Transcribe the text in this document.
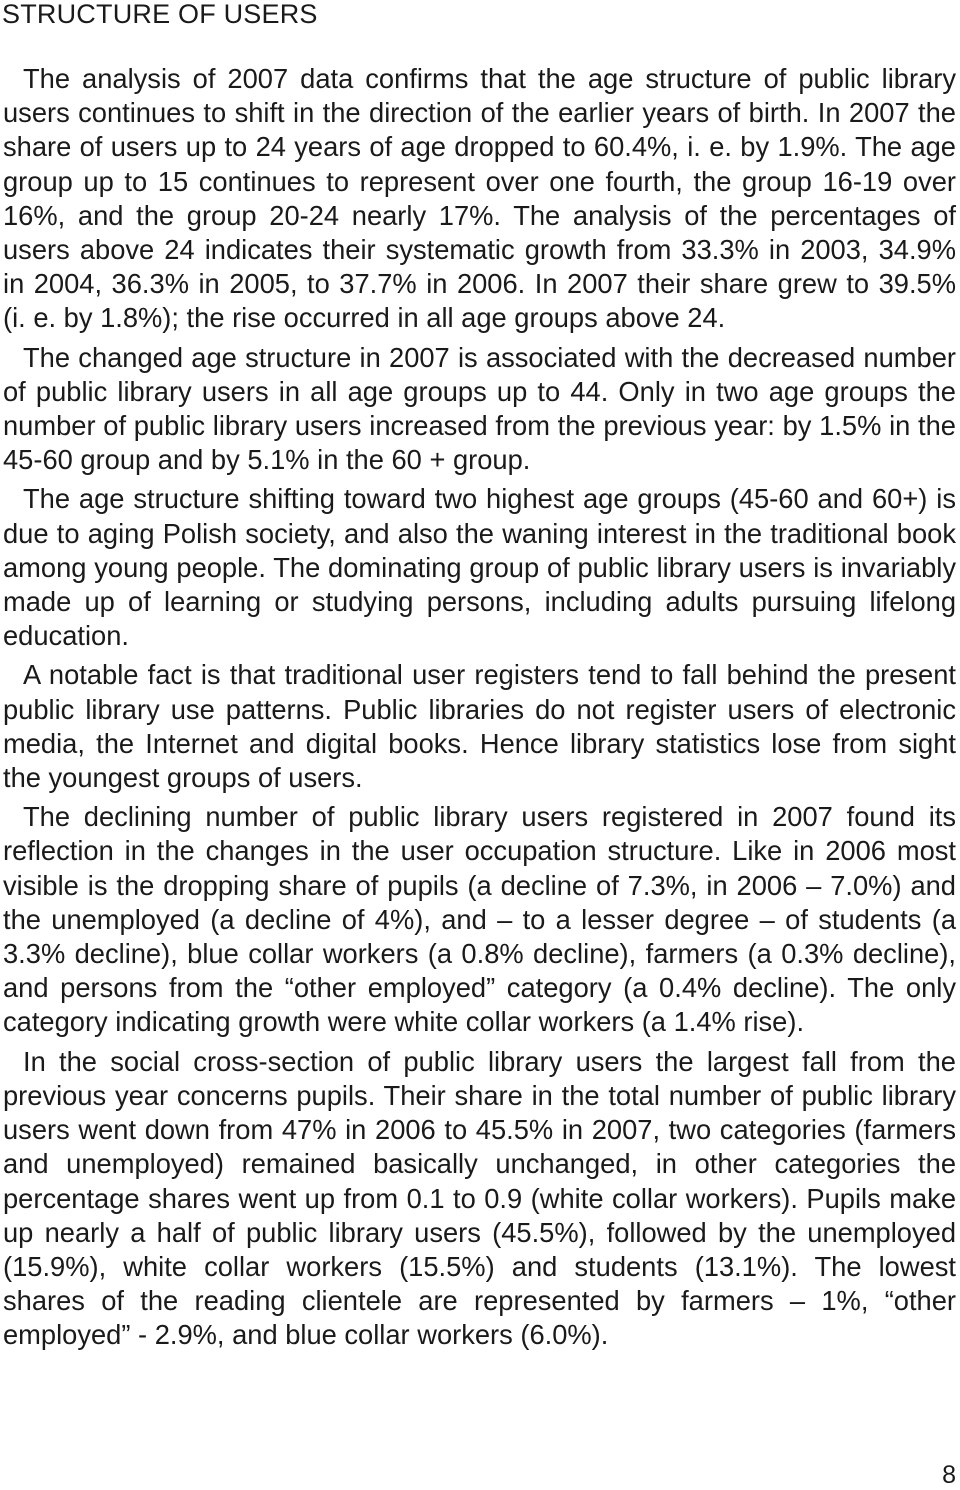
STRUCTURE OF USERS

The analysis of 2007 data confirms that the age structure of public library users continues to shift in the direction of the earlier years of birth. In 2007 the share of users up to 24 years of age dropped to 60.4%, i. e. by 1.9%. The age group up to 15 continues to represent over one fourth, the group 16-19 over 16%, and the group 20-24 nearly 17%. The analysis of the percentages of users above 24 indicates their systematic growth from 33.3% in 2003, 34.9% in 2004, 36.3% in 2005, to 37.7% in 2006. In 2007 their share grew to 39.5% (i. e. by 1.8%); the rise occurred in all age groups above 24.

The changed age structure in 2007 is associated with the decreased number of public library users in all age groups up to 44. Only in two age groups the number of public library users increased from the previous year: by 1.5% in the 45-60 group and by 5.1% in the 60 + group.

The age structure shifting toward two highest age groups (45-60 and 60+) is due to aging Polish society, and also the waning interest in the traditional book among young people. The dominating group of public library users is invariably made up of learning or studying persons, including adults pursuing lifelong education.

A notable fact is that traditional user registers tend to fall behind the present public library use patterns. Public libraries do not register users of electronic media, the Internet and digital books. Hence library statistics lose from sight the youngest groups of users.

The declining number of public library users registered in 2007 found its reflection in the changes in the user occupation structure. Like in 2006 most visible is the dropping share of pupils (a decline of 7.3%, in 2006 – 7.0%) and the unemployed (a decline of 4%), and – to a lesser degree – of students (a 3.3% decline), blue collar workers (a 0.8% decline), farmers (a 0.3% decline), and persons from the “other employed” category (a 0.4% decline). The only category indicating growth were white collar workers (a 1.4% rise).

In the social cross-section of public library users the largest fall from the previous year concerns pupils. Their share in the total number of public library users went down from 47% in 2006 to 45.5% in 2007, two categories (farmers and unemployed) remained basically unchanged, in other categories the percentage shares went up from 0.1 to 0.9 (white collar workers). Pupils make up nearly a half of public library users (45.5%), followed by the unemployed (15.9%), white collar workers (15.5%) and students (13.1%). The lowest shares of the reading clientele are represented by farmers – 1%, “other employed” - 2.9%, and blue collar workers (6.0%).

8
